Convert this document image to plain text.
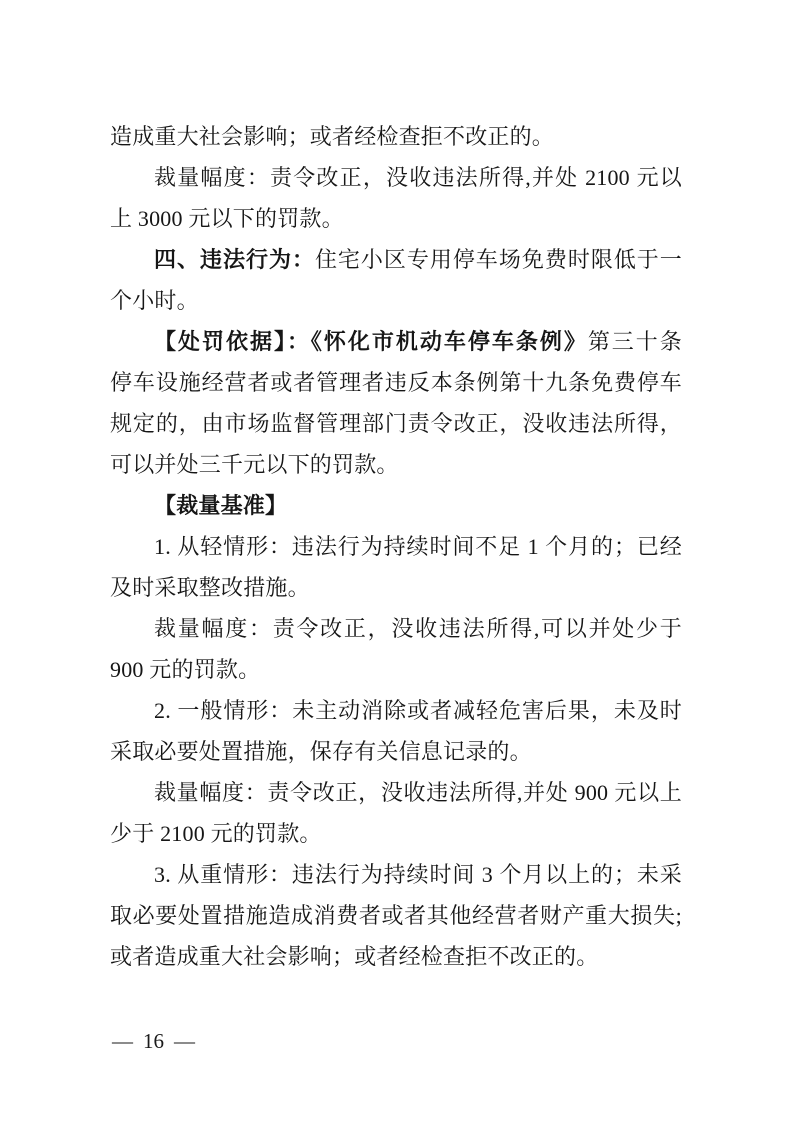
造成重大社会影响；或者经检查拒不改正的。

裁量幅度：责令改正，没收违法所得,并处 2100 元以上 3000 元以下的罚款。

四、违法行为：住宅小区专用停车场免费时限低于一个小时。

【处罚依据】：《怀化市机动车停车条例》第三十条　停车设施经营者或者管理者违反本条例第十九条免费停车规定的，由市场监督管理部门责令改正，没收违法所得，可以并处三千元以下的罚款。

【裁量基准】

1. 从轻情形：违法行为持续时间不足 1 个月的；已经及时采取整改措施。

裁量幅度：责令改正，没收违法所得,可以并处少于 900 元的罚款。

2. 一般情形：未主动消除或者减轻危害后果，未及时采取必要处置措施，保存有关信息记录的。

裁量幅度：责令改正，没收违法所得,并处 900 元以上少于 2100 元的罚款。

3. 从重情形：违法行为持续时间 3 个月以上的；未采取必要处置措施造成消费者或者其他经营者财产重大损失;或者造成重大社会影响；或者经检查拒不改正的。

— 16 —
